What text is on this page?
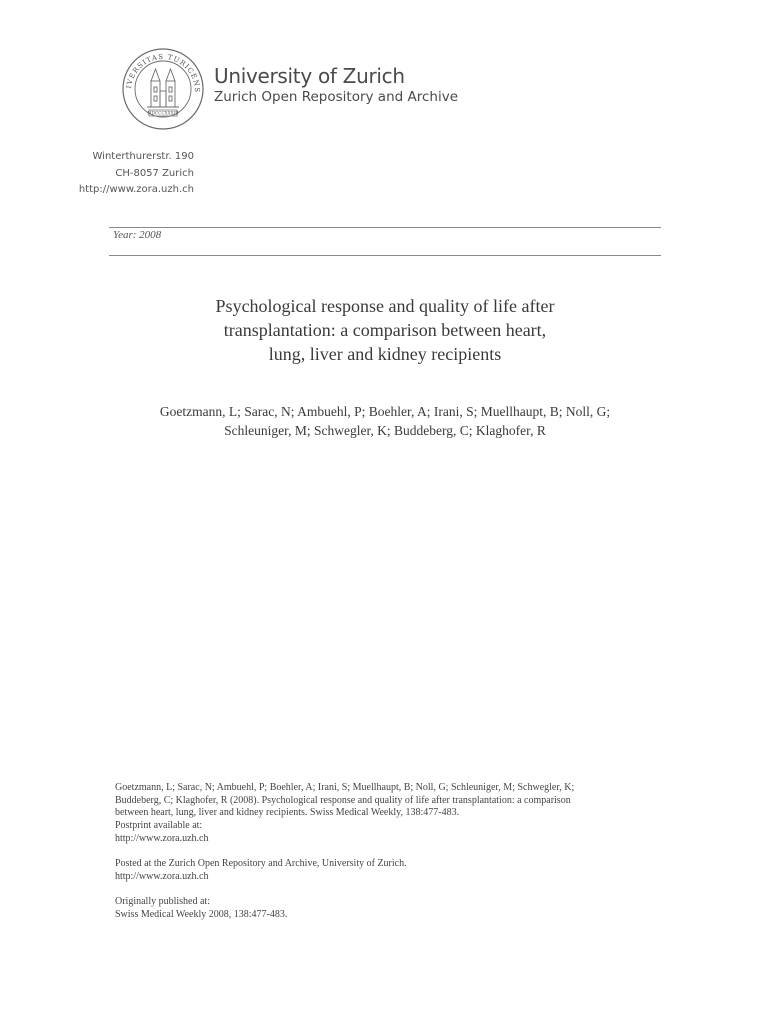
IVERSITAS TURICENS
MDCCCXXXIII
University of Zurich
Zurich Open Repository and Archive
Winterthurerstr. 190
CH-8057 Zurich
http://www.zora.uzh.ch
Year: 2008
Psychological response and quality of life after
transplantation: a comparison between heart,
lung, liver and kidney recipients
Goetzmann, L; Sarac, N; Ambuehl, P; Boehler, A; Irani, S; Muellhaupt, B; Noll, G;
Schleuniger, M; Schwegler, K; Buddeberg, C; Klaghofer, R
Goetzmann, L; Sarac, N; Ambuehl, P; Boehler, A; Irani, S; Muellhaupt, B; Noll, G; Schleuniger, M; Schwegler, K;
Buddeberg, C; Klaghofer, R (2008). Psychological response and quality of life after transplantation: a comparison
between heart, lung, liver and kidney recipients. Swiss Medical Weekly, 138:477-483.
Postprint available at:
http://www.zora.uzh.ch
Posted at the Zurich Open Repository and Archive, University of Zurich.
http://www.zora.uzh.ch
Originally published at:
Swiss Medical Weekly 2008, 138:477-483.
